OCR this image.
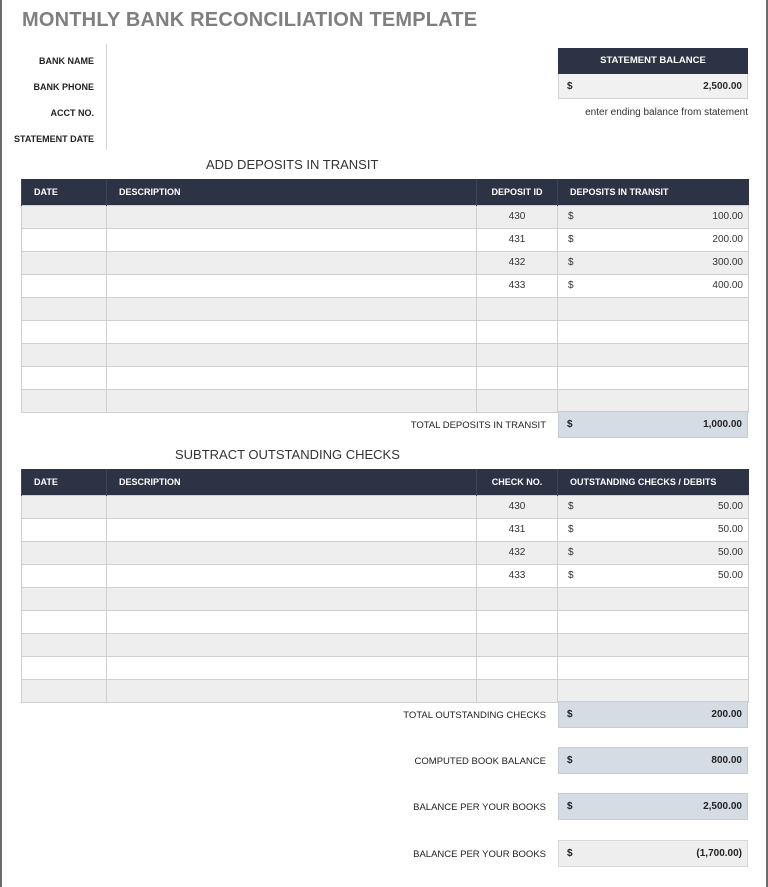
MONTHLY BANK RECONCILIATION TEMPLATE
BANK NAME
BANK PHONE
ACCT NO.
STATEMENT DATE
STATEMENT BALANCE
$	2,500.00
enter ending balance from statement
ADD DEPOSITS IN TRANSIT
DATE	DESCRIPTION	DEPOSIT ID	DEPOSITS IN TRANSIT
		430	$ 100.00

		431	$ 200.00

		432	$ 300.00

		433	$ 400.00

TOTAL DEPOSITS IN TRANSIT $	1,000.00
SUBTRACT OUTSTANDING CHECKS
DATE	DESCRIPTION	CHECK NO.	OUTSTANDING CHECKS / DEBITS
		430	$ 50.00

		431	$ 50.00

		432	$ 50.00

		433	$ 50.00

TOTAL OUTSTANDING CHECKS $	200.00
COMPUTED BOOK BALANCE $	800.00
BALANCE PER YOUR BOOKS $	2,500.00
BALANCE PER YOUR BOOKS $	(1,700.00)
